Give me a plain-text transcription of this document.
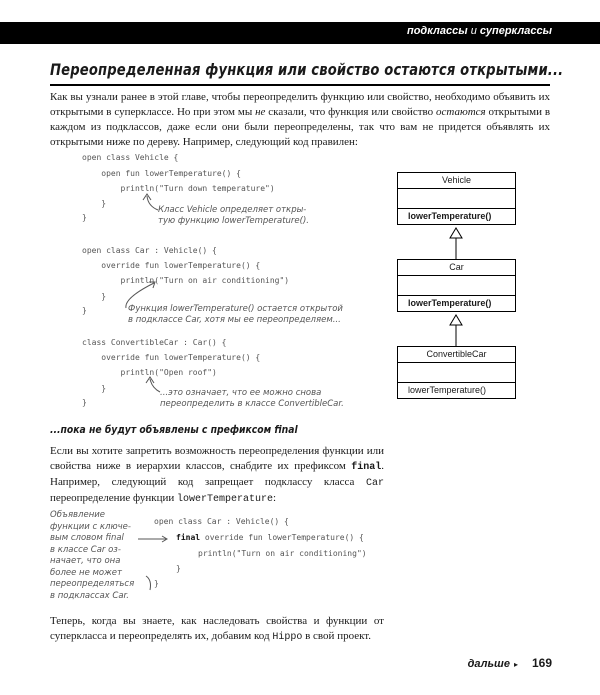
подклассы и суперклассы
Переопределенная функция или свойство остаются открытыми...
Как вы узнали ранее в этой главе, чтобы переопределить функцию или свойство, необходимо объявить их открытыми в суперклассе. Но при этом мы не сказали, что функция или свойство остаются открытыми в каждом из подклассов, даже если они были переопределены, так что вам не придется объявлять их открытыми ниже по дереву. Например, следующий код правилен:
open class Vehicle {
open fun lowerTemperature() {
println("Turn down temperature")
}
}
open class Car : Vehicle() {
override fun lowerTemperature() {
println("Turn on air conditioning")
}
}
class ConvertibleCar : Car() {
override fun lowerTemperature() {
println("Open roof")
}
}
Класс Vehicle определяет откры-
тую функцию lowerTemperature().
Функция lowerTemperature() остается открытой
в подклассе Car, хотя мы ее переопределяем...
...это означает, что ее можно снова
переопределить в классе ConvertibleCar.
Vehicle
lowerTemperature()
Car
lowerTemperature()
ConvertibleCar
lowerTemperature()
...пока не будут объявлены с префиксом final
Если вы хотите запретить возможность переопределения функции или свойства ниже в иерархии классов, снабдите их префиксом final. Например, следующий код запрещает подклассу класса Car переопределение функции lowerTemperature:
Объявление
функции с ключе-
вым словом final
в классе Car оз-
начает, что она
более не может
переопределяться
в подклассах Car.
open class Car : Vehicle() {
final override fun lowerTemperature() {
println("Turn on air conditioning")
}
}
Теперь, когда вы знаете, как наследовать свойства и функции от суперкласса и переопределять их, добавим код Hippo в свой проект.
дальше ▸ 169
